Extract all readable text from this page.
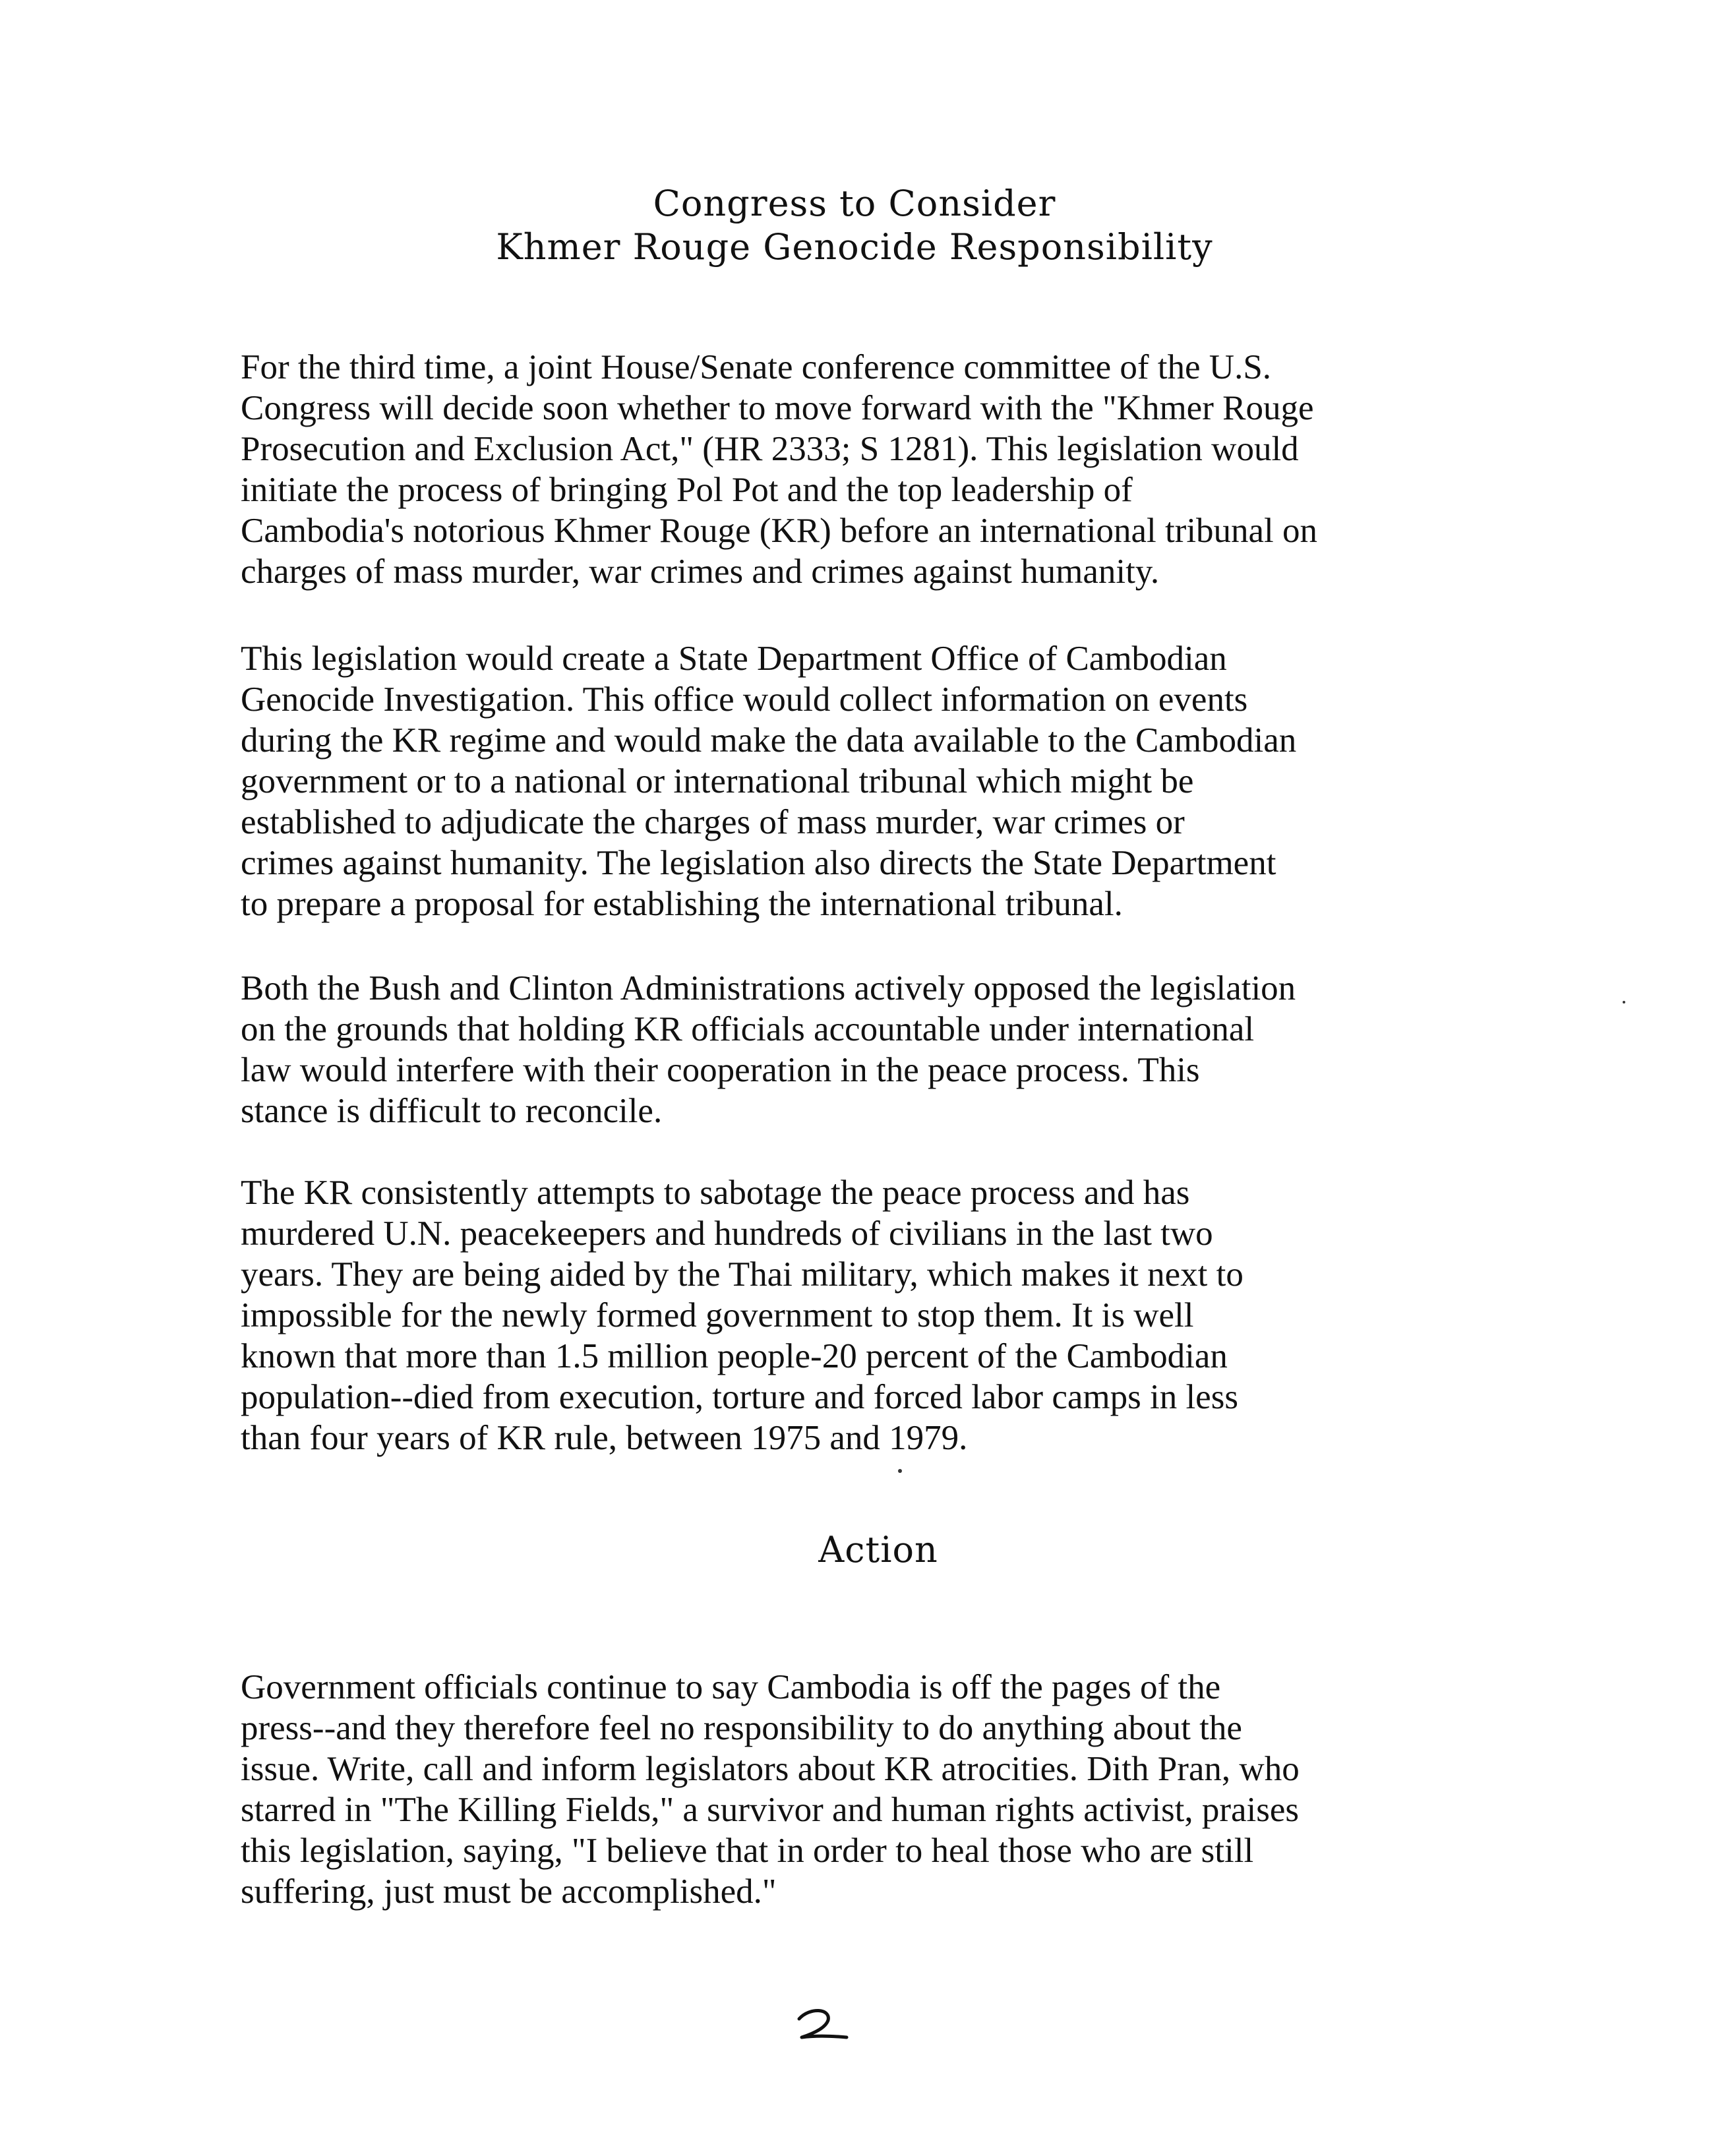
Congress to Consider
Khmer Rouge Genocide Responsibility

For the third time, a joint House/Senate conference committee of the U.S.
Congress will decide soon whether to move forward with the "Khmer Rouge
Prosecution and Exclusion Act," (HR 2333; S 1281). This legislation would
initiate the process of bringing Pol Pot and the top leadership of
Cambodia's notorious Khmer Rouge (KR) before an international tribunal on
charges of mass murder, war crimes and crimes against humanity.

This legislation would create a State Department Office of Cambodian
Genocide Investigation. This office would collect information on events
during the KR regime and would make the data available to the Cambodian
government or to a national or international tribunal which might be
established to adjudicate the charges of mass murder, war crimes or
crimes against humanity. The legislation also directs the State Department
to prepare a proposal for establishing the international tribunal.

Both the Bush and Clinton Administrations actively opposed the legislation
on the grounds that holding KR officials accountable under international
law would interfere with their cooperation in the peace process. This
stance is difficult to reconcile.

The KR consistently attempts to sabotage the peace process and has
murdered U.N. peacekeepers and hundreds of civilians in the last two
years. They are being aided by the Thai military, which makes it next to
impossible for the newly formed government to stop them. It is well
known that more than 1.5 million people-20 percent of the Cambodian
population--died from execution, torture and forced labor camps in less
than four years of KR rule, between 1975 and 1979.

Action

Government officials continue to say Cambodia is off the pages of the
press--and they therefore feel no responsibility to do anything about the
issue. Write, call and inform legislators about KR atrocities. Dith Pran, who
starred in "The Killing Fields," a survivor and human rights activist, praises
this legislation, saying, "I believe that in order to heal those who are still
suffering, just must be accomplished."
